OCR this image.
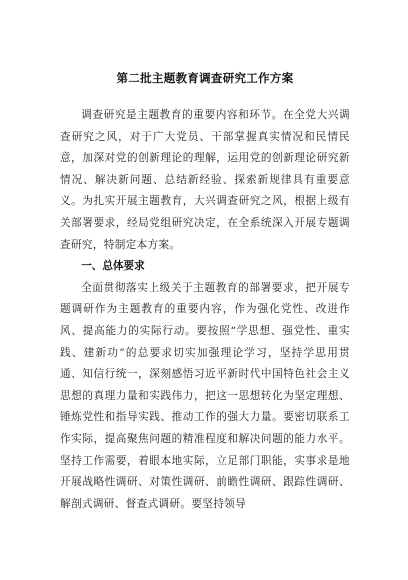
第二批主题教育调查研究工作方案

调查研究是主题教育的重要内容和环节。在全党大兴调查研究之风，对于广大党员、干部掌握真实情况和民情民意，加深对党的创新理论的理解，运用党的创新理论研究新情况、解决新问题、总结新经验、探索新规律具有重要意义。为扎实开展主题教育，大兴调查研究之风，根据上级有关部署要求，经局党组研究决定，在全系统深入开展专题调查研究，特制定本方案。

一、总体要求

全面贯彻落实上级关于主题教育的部署要求，把开展专题调研作为主题教育的重要内容，作为强化党性、改进作风、提高能力的实际行动。要按照“学思想、强党性、重实践、建新功”的总要求切实加强理论学习，坚持学思用贯通、知信行统一，深刻感悟习近平新时代中国特色社会主义思想的真理力量和实践伟力，把这一思想转化为坚定理想、锤炼党性和指导实践、推动工作的强大力量。要密切联系工作实际，提高聚焦问题的精准程度和解决问题的能力水平。坚持工作需要，着眼本地实际，立足部门职能，实事求是地开展战略性调研、对策性调研、前瞻性调研、跟踪性调研、解剖式调研、督查式调研。要坚持领导
